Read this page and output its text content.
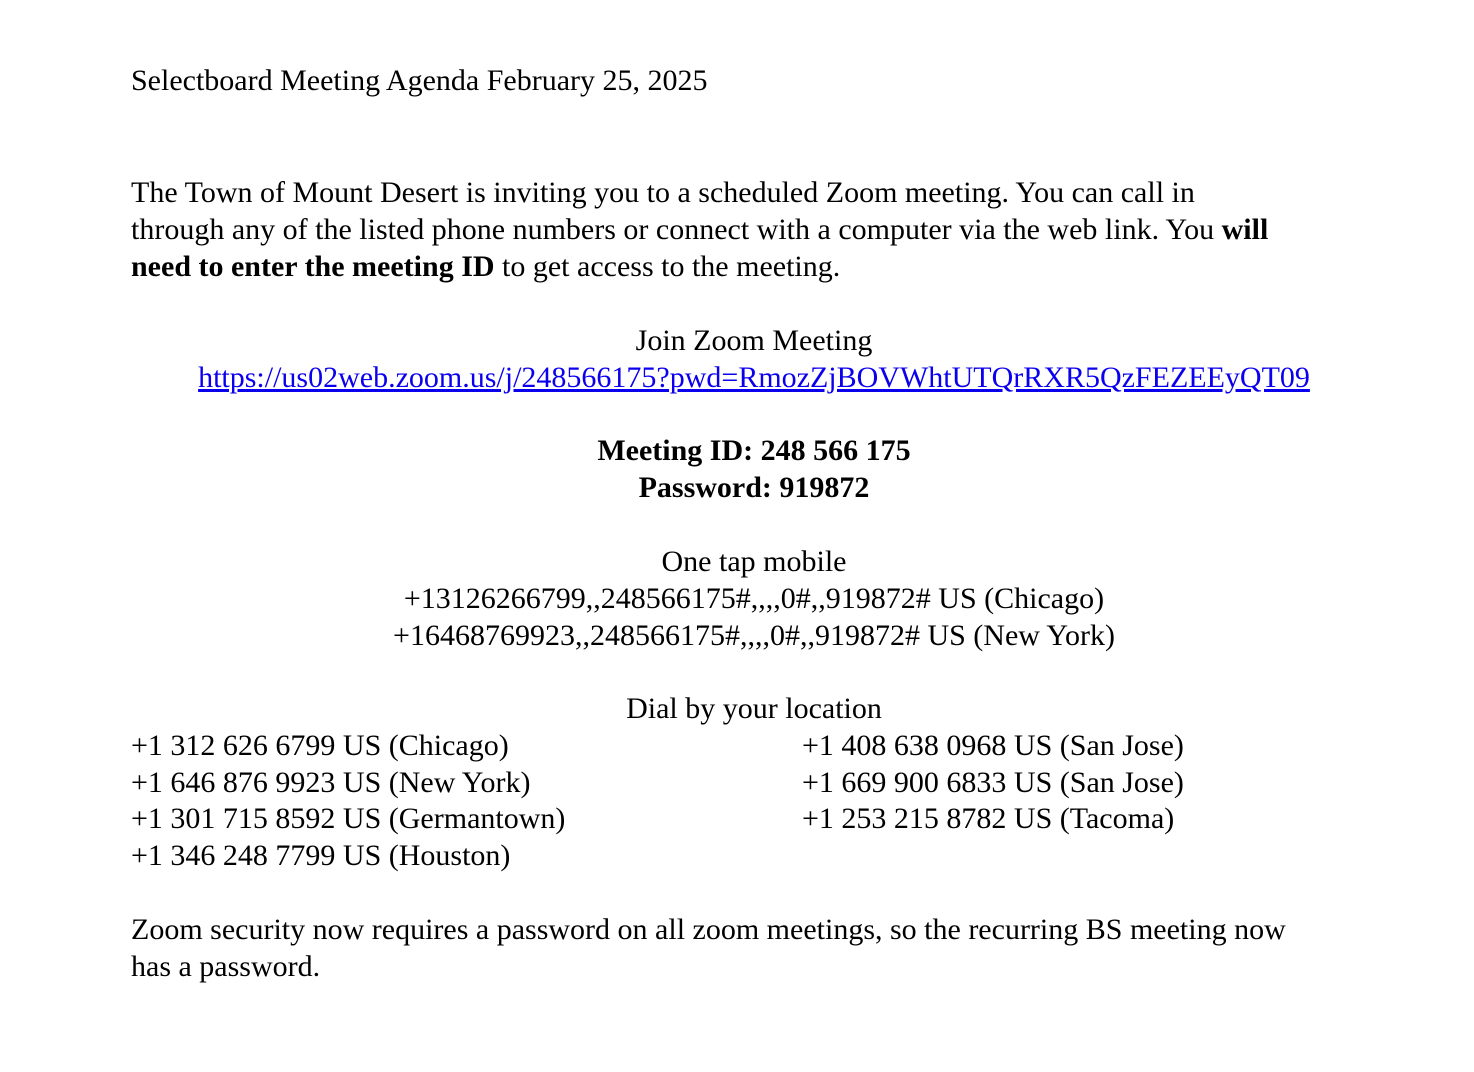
Selectboard Meeting Agenda February 25, 2025
The Town of Mount Desert is inviting you to a scheduled Zoom meeting. You can call in
through any of the listed phone numbers or connect with a computer via the web link. You will
need to enter the meeting ID to get access to the meeting.
Join Zoom Meeting
https://us02web.zoom.us/j/248566175?pwd=RmozZjBOVWhtUTQrRXR5QzFEZEEyQT09
Meeting ID: 248 566 175
Password: 919872
One tap mobile
+13126266799,,248566175#,,,,0#,,919872# US (Chicago)
+16468769923,,248566175#,,,,0#,,919872# US (New York)
Dial by your location
+1 312 626 6799 US (Chicago)
+1 646 876 9923 US (New York)
+1 301 715 8592 US (Germantown)
+1 346 248 7799 US (Houston)
+1 408 638 0968 US (San Jose)
+1 669 900 6833 US (San Jose)
+1 253 215 8782 US (Tacoma)
Zoom security now requires a password on all zoom meetings, so the recurring BS meeting now
has a password.
